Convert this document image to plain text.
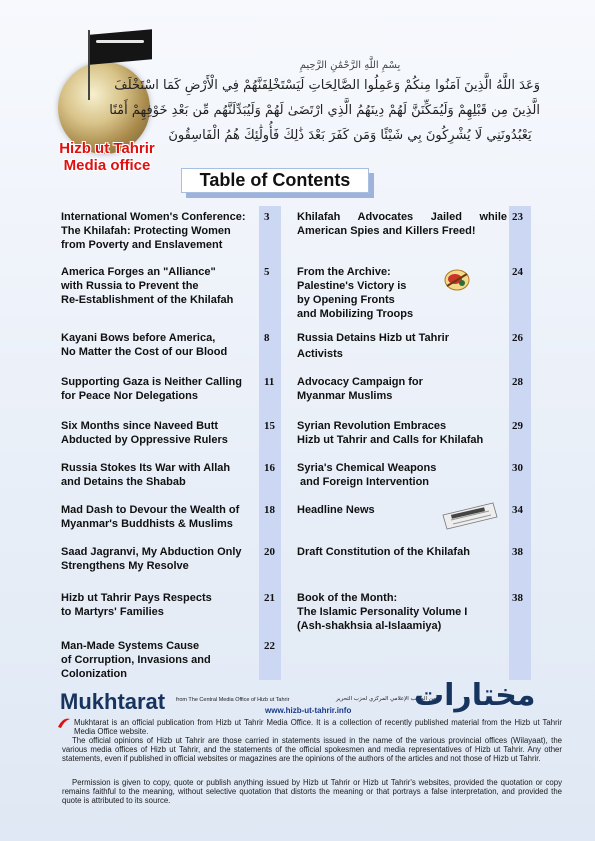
Hizb ut Tahrir
Media office
بِسْمِ اللَّهِ الرَّحْمَٰنِ الرَّحِيمِ
وَعَدَ اللَّهُ الَّذِينَ آمَنُوا مِنكُمْ وَعَمِلُوا الصَّالِحَاتِ لَيَسْتَخْلِفَنَّهُمْ فِي الْأَرْضِ كَمَا اسْتَخْلَفَ
الَّذِينَ مِن قَبْلِهِمْ وَلَيُمَكِّنَنَّ لَهُمْ دِينَهُمُ الَّذِي ارْتَضَىٰ لَهُمْ وَلَيُبَدِّلَنَّهُم مِّن بَعْدِ خَوْفِهِمْ أَمْنًا
يَعْبُدُونَنِي لَا يُشْرِكُونَ بِي شَيْئًا وَمَن كَفَرَ بَعْدَ ذَٰلِكَ فَأُولَٰئِكَ هُمُ الْفَاسِقُونَ
Table of Contents
International Women's Conference:
The Khilafah: Protecting Women
from Poverty and Enslavement
3
America Forges an "Alliance"
with Russia to Prevent the
Re-Establishment of the Khilafah
5
Kayani Bows before America,
No Matter the Cost of our Blood
8
Supporting Gaza is Neither Calling
for Peace Nor Delegations
11
Six Months since Naveed Butt
Abducted by Oppressive Rulers
15
Russia Stokes Its War with Allah
and Detains the Shabab
16
Mad Dash to Devour the Wealth of
Myanmar's Buddhists & Muslims
18
Saad Jagranvi, My Abduction Only
Strengthens My Resolve
20
Hizb ut Tahrir Pays Respects
to Martyrs' Families
21
Man-Made Systems Cause
of Corruption, Invasions and
Colonization
22
Khilafah Advocates Jailed while
American Spies and Killers Freed!
23
From the Archive:
Palestine's Victory is
by Opening Fronts
and Mobilizing Troops
24
Russia Detains Hizb ut Tahrir
Activists
26
Advocacy Campaign for
Myanmar Muslims
28
Syrian Revolution Embraces
Hizb ut Tahrir and Calls for Khilafah
29
Syria's Chemical Weapons
and Foreign Intervention
30
Headline News	34
Draft Constitution of the Khilafah	38
Book of the Month:
The Islamic Personality Volume I
(Ash-shakhsia al-Islaamiya)
38
Mukhtarat from The Central Media Office of Hizb ut Tahrir	من المكتب الإعلامي المركزي لحزب التحرير
www.hizb-ut-tahrir.info مختارات
Mukhtarat is an official publication from Hizb ut Tahrir Media Office. It is a collection of recently published material from the Hizb ut Tahrir Media Office website.
The official opinions of Hizb ut Tahrir are those carried in statements issued in the name of the various provincial offices (Wilayaat), the various media offices of Hizb ut Tahrir, and the statements of the official spokesmen and media representatives of Hizb ut Tahrir. Any other statements, even if published in official websites or magazines are the opinions of the authors of the articles and not those of Hizb ut Tahrir.
Permission is given to copy, quote or publish anything issued by Hizb ut Tahrir or Hizb ut Tahrir's websites, provided the quotation or copy remains faithful to the meaning, without selective quotation that distorts the meaning or that portrays a false interpretation, and provided the quote is attributed to its source.
